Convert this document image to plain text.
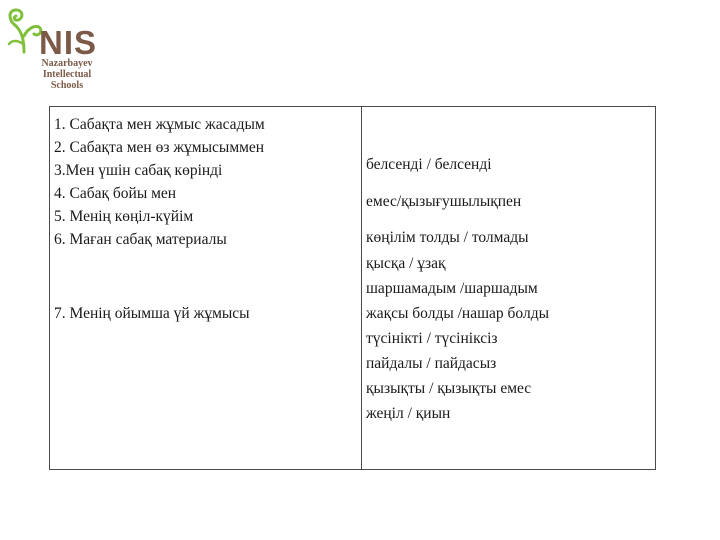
NIS
Nazarbayev
Intellectual
Schools
1. Сабақта мен жұмыс жасадым
2. Сабақта мен өз жұмысыммен
3.Мен үшін сабақ көрінді
4. Сабақ бойы мен
5. Менің көңіл-күйім
6. Маған сабақ материалы
7. Менің ойымша үй жұмысы
белсенді / белсенді
емес/қызығушылықпен
көңілім толды / толмады
қысқа / ұзақ
шаршамадым /шаршадым
жақсы болды /нашар болды
түсінікті / түсініксіз
пайдалы / пайдасыз
қызықты / қызықты емес
жеңіл / қиын
